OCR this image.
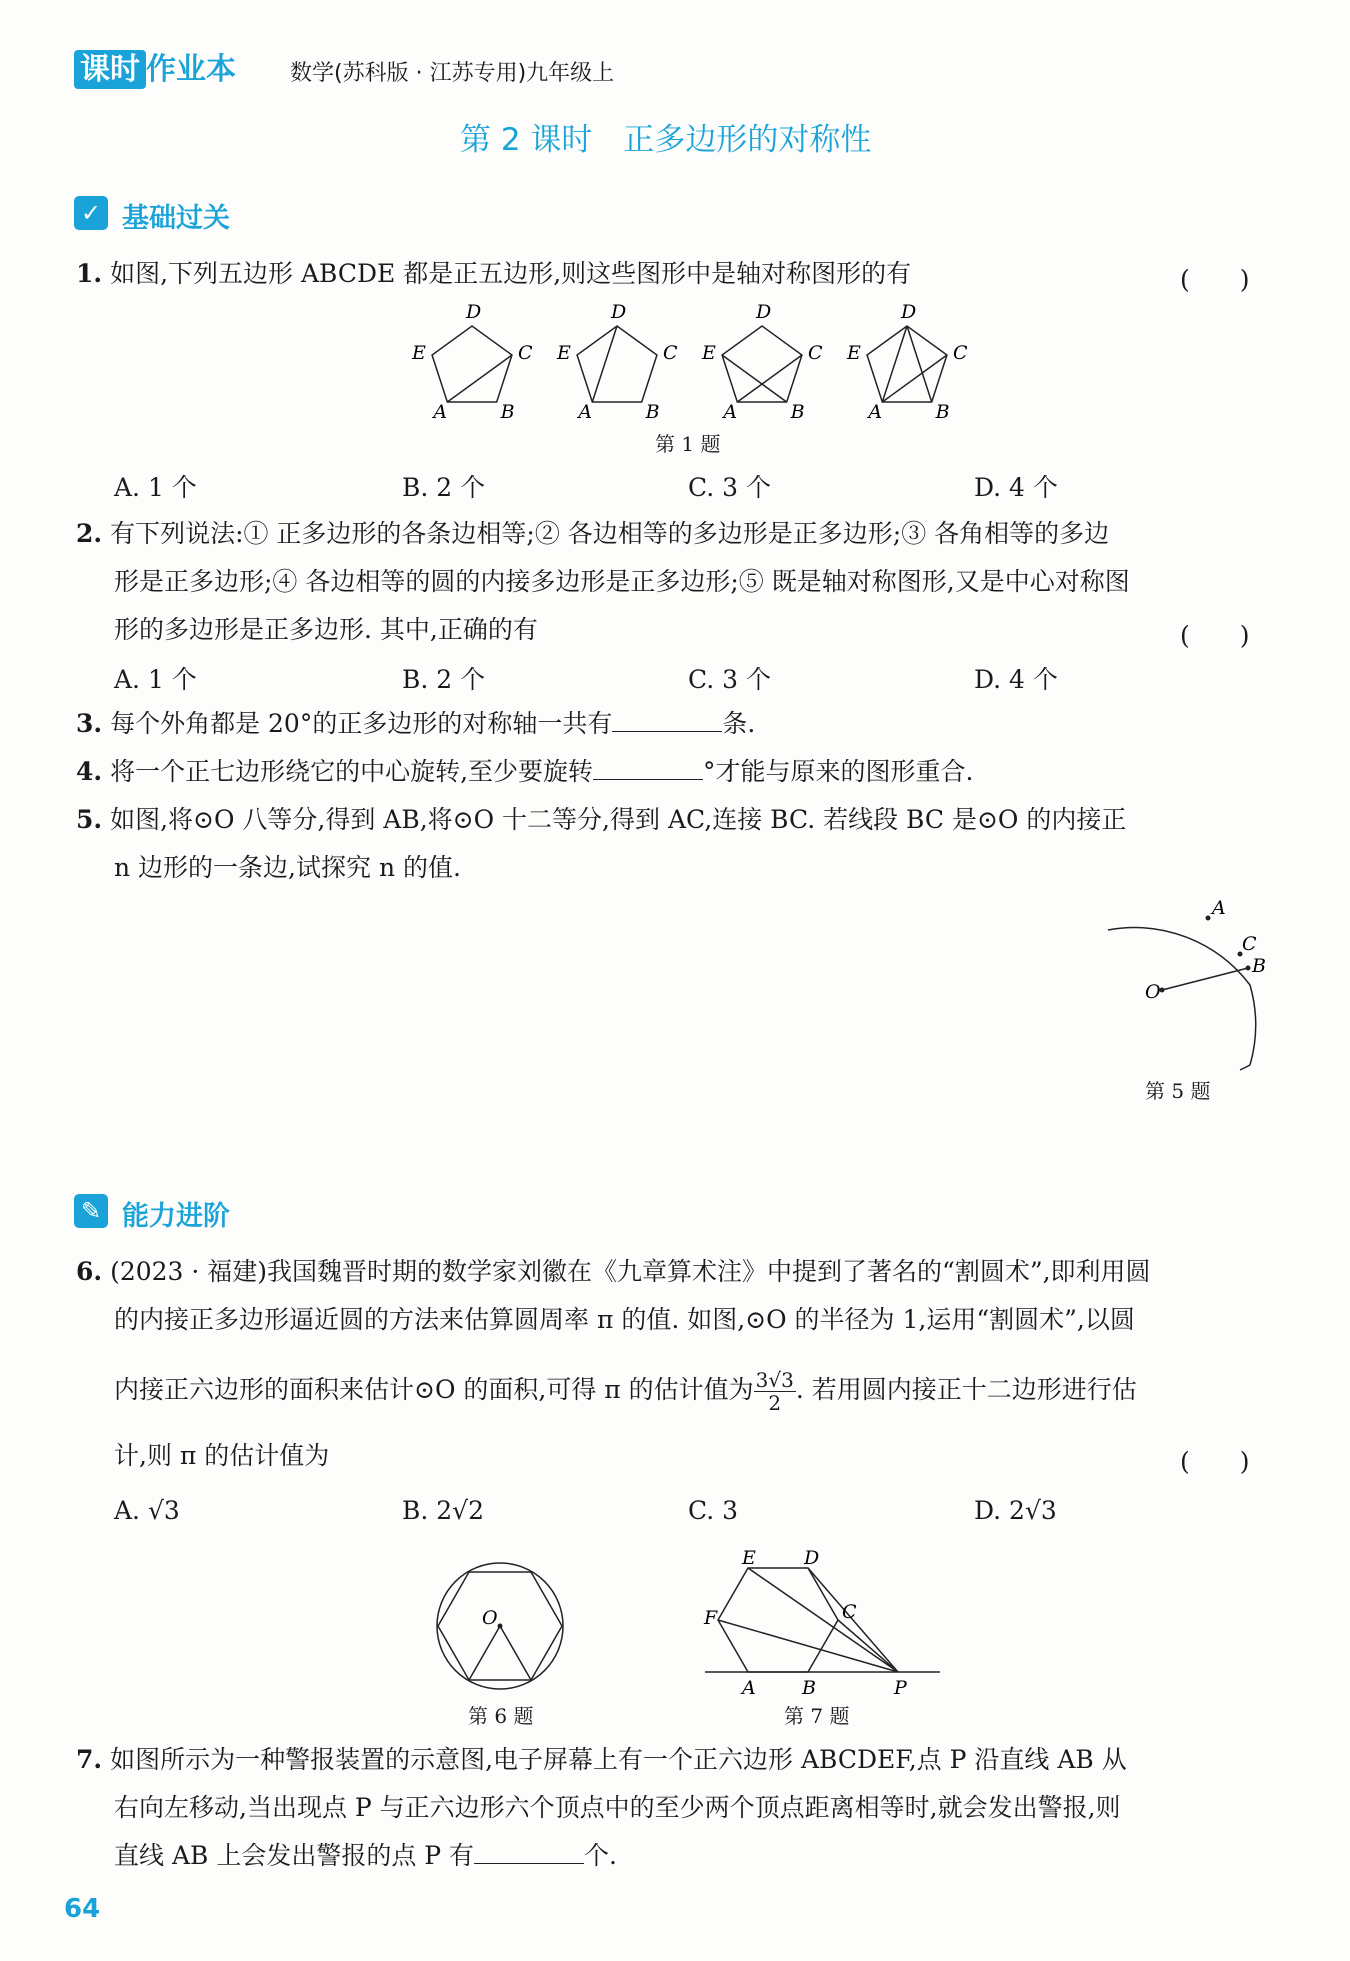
课时 作业本 数学(苏科版 · 江苏专用)九年级上
第 2 课时　正多边形的对称性
✓ 基础过关
1. 如图,下列五边形 ABCDE 都是正五边形,则这些图形中是轴对称图形的有	(　　)
A	B
C
D
E
A	B
C
D
E
A	B
C
D
E
A	B
C
D
E
第 1 题
A. 1 个	B. 2 个	C. 3 个	D. 4 个
2. 有下列说法:① 正多边形的各条边相等;② 各边相等的多边形是正多边形;③ 各角相等的多边
形是正多边形;④ 各边相等的圆的内接多边形是正多边形;⑤ 既是轴对称图形,又是中心对称图
形的多边形是正多边形. 其中,正确的有	(　　)
A. 1 个	B. 2 个	C. 3 个	D. 4 个
3. 每个外角都是 20°的正多边形的对称轴一共有	条.
4. 将一个正七边形绕它的中心旋转,至少要旋转	°才能与原来的图形重合.
5. 如图,将⊙O 八等分,得到 AB,将⊙O 十二等分,得到 AC,连接 BC. 若线段 BC 是⊙O 的内接正
n 边形的一条边,试探究 n 的值.
A
C
B
O
第 5 题
✎ 能力进阶
6. (2023 · 福建)我国魏晋时期的数学家刘徽在《九章算术注》中提到了著名的“割圆术”,即利用圆
的内接正多边形逼近圆的方法来估算圆周率 π 的值. 如图,⊙O 的半径为 1,运用“割圆术”,以圆
内接正六边形的面积来估计⊙O 的面积,可得 π 的估计值为 $\frac{3√3}{2}$ . 若用圆内接正十二边形进行估
计,则 π 的估计值为	(　　)
A. √3	B. 2√2	C. 3	D. 2√3
O
第 6 题
E	D
C
F
A B	P
第 7 题
7. 如图所示为一种警报装置的示意图,电子屏幕上有一个正六边形 ABCDEF,点 P 沿直线 AB 从
右向左移动,当出现点 P 与正六边形六个顶点中的至少两个顶点距离相等时,就会发出警报,则
直线 AB 上会发出警报的点 P 有	个.
64
